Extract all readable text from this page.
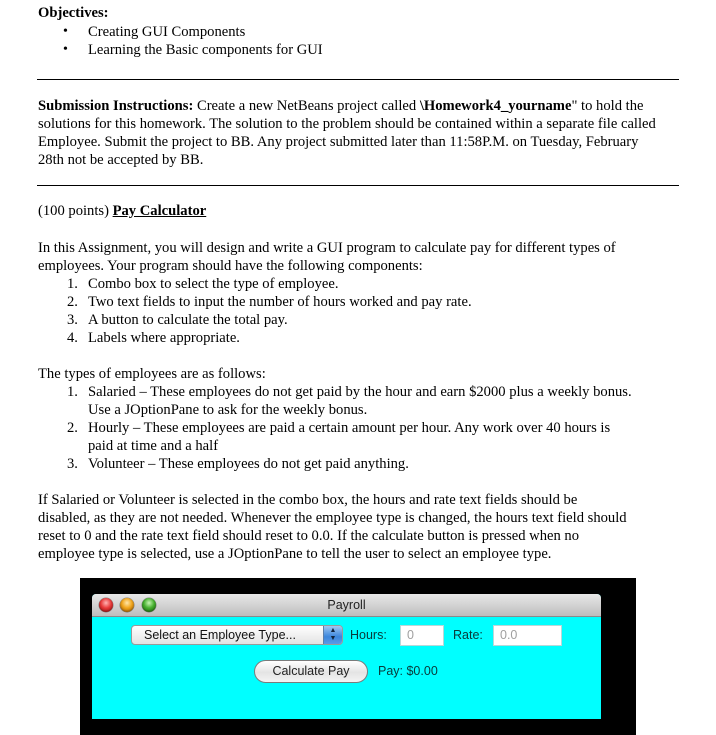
Objectives:
• Creating GUI Components
• Learning the Basic components for GUI
Submission Instructions: Create a new NetBeans project called \Homework4_yourname" to hold the
solutions for this homework. The solution to the problem should be contained within a separate file called
Employee. Submit the project to BB. Any project submitted later than 11:58P.M. on Tuesday, February
28th not be accepted by BB.
(100 points) Pay Calculator
In this Assignment, you will design and write a GUI program to calculate pay for different types of
employees. Your program should have the following components:
1. Combo box to select the type of employee.
2. Two text fields to input the number of hours worked and pay rate.
3. A button to calculate the total pay.
4. Labels where appropriate.
The types of employees are as follows:
1. Salaried – These employees do not get paid by the hour and earn $2000 plus a weekly bonus.
Use a JOptionPane to ask for the weekly bonus.
2. Hourly – These employees are paid a certain amount per hour. Any work over 40 hours is
paid at time and a half
3. Volunteer – These employees do not get paid anything.
If Salaried or Volunteer is selected in the combo box, the hours and rate text fields should be
disabled, as they are not needed. Whenever the employee type is changed, the hours text field should
reset to 0 and the rate text field should reset to 0.0. If the calculate button is pressed when no
employee type is selected, use a JOptionPane to tell the user to select an employee type.
Payroll
Select an Employee Type...	▲
▼	Hours:	0	Rate:	0.0
Calculate Pay	Pay: $0.00
